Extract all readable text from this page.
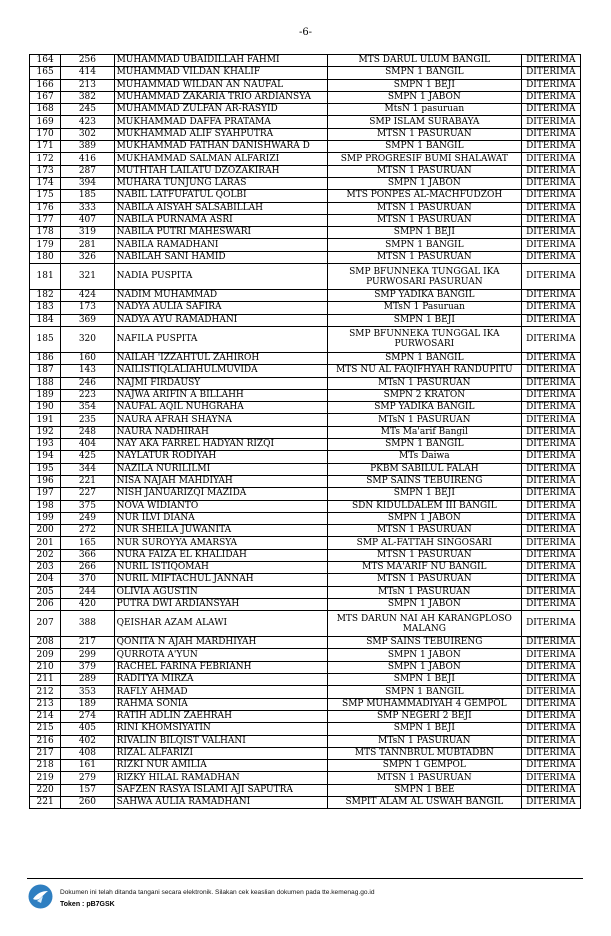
-6-
164	256	MUHAMMAD UBAIDILLAH FAHMI	MTS DARUL ULUM BANGIL	DITERIMA
165	414	MUHAMMAD VILDAN KHALIF	SMPN 1 BANGIL	DITERIMA
166	213	MUHAMMAD WILDAN AN NAUFAL	SMPN 1 BEJI	DITERIMA
167	382	MUHAMMAD ZAKARIA TRIO ARDIANSYA	SMPN 1 JABON	DITERIMA
168	245	MUHAMMAD ZULFAN AR-RASYID	MtsN 1 pasuruan	DITERIMA
169	423	MUKHAMMAD DAFFA PRATAMA	SMP ISLAM SURABAYA	DITERIMA
170	302	MUKHAMMAD ALIF SYAHPUTRA	MTSN 1 PASURUAN	DITERIMA
171	389	MUKHAMMAD FATHAN DANISHWARA D	SMPN 1 BANGIL	DITERIMA
172	416	MUKHAMMAD SALMAN ALFARIZI	SMP PROGRESIF BUMI SHALAWAT	DITERIMA
173	287	MUTHTAH LAILATU DZOZAKIRAH	MTSN 1 PASURUAN	DITERIMA
174	394	MUHARA TUNJUNG LARAS	SMPN 1 JABON	DITERIMA
175	185	NABIL LATFUFATUL QOLBI	MTS PONPES AL-MACHFUDZOH	DITERIMA
176	333	NABILA AISYAH SALSABILLAH	MTSN 1 PASURUAN	DITERIMA
177	407	NABILA PURNAMA ASRI	MTSN 1 PASURUAN	DITERIMA
178	319	NABILA PUTRI MAHESWARI	SMPN 1 BEJI	DITERIMA
179	281	NABILA RAMADHANI	SMPN 1 BANGIL	DITERIMA
180	326	NABILAH SANI HAMID	MTSN 1 PASURUAN	DITERIMA
181	321	NADIA PUSPITA	SMP BFUNNEKA TUNGGAL IKA PURWOSARI PASURUAN	DITERIMA
182	424	NADIM MUHAMMAD	SMP YADIKA BANGIL	DITERIMA
183	173	NADYA AULIA SAFIRA	MTsN 1 Pasuruan	DITERIMA
184	369	NADYA AYU RAMADHANI	SMPN 1 BEJI	DITERIMA
185	320	NAFILA PUSPITA	SMP BFUNNEKA TUNGGAL IKA PURWOSARI	DITERIMA
186	160	NAILAH 'IZZAHTUL ZAHIROH	SMPN 1 BANGIL	DITERIMA
187	143	NAILISTIQLALIAHULMUVIDA	MTS NU AL FAQIFHYAH RANDUPITU	DITERIMA
188	246	NAJMI FIRDAUSY	MTsN 1 PASURUAN	DITERIMA
189	223	NAJWA ARIFIN A BILLAHH	SMPN 2 KRATON	DITERIMA
190	354	NAUFAL AQIL NUHGRAHA	SMP YADIKA BANGIL	DITERIMA
191	235	NAURA AFRAH SHAYNA	MTsN 1 PASURUAN	DITERIMA
192	248	NAURA NADHIRAH	MTs Ma'arif Bangil	DITERIMA
193	404	NAY AKA FARREL HADYAN RIZQI	SMPN 1 BANGIL	DITERIMA
194	425	NAYLATUR RODIYAH	MTs Daiwa	DITERIMA
195	344	NAZILA NURILILMI	PKBM SABILUL FALAH	DITERIMA
196	221	NISA NAJAH MAHDIYAH	SMP SAINS TEBUIRENG	DITERIMA
197	227	NISH JANUARIZQI MAZIDA	SMPN 1 BEJI	DITERIMA
198	375	NOVA WIDIANTO	SDN KIDULDALEM III BANGIL	DITERIMA
199	249	NUR ILVI DIANA	SMPN 1 JABON	DITERIMA
200	272	NUR SHEILA JUWANITA	MTSN 1 PASURUAN	DITERIMA
201	165	NUR SUROYYA AMARSYA	SMP AL-FATTAH SINGOSARI	DITERIMA
202	366	NURA FAIZA EL KHALIDAH	MTSN 1 PASURUAN	DITERIMA
203	266	NURIL ISTIQOMAH	MTS MA'ARIF NU BANGIL	DITERIMA
204	370	NURIL MIFTACHUL JANNAH	MTSN 1 PASURUAN	DITERIMA
205	244	OLIVIA AGUSTIN	MTsN 1 PASURUAN	DITERIMA
206	420	PUTRA DWI ARDIANSYAH	SMPN 1 JABON	DITERIMA
207	388	QEISHAR AZAM ALAWI	MTS DARUN NAI AH KARANGPLOSO MALANG	DITERIMA
208	217	QONITA N AJAH MARDHIYAH	SMP SAINS TEBUIRENG	DITERIMA
209	299	QURROTA A'YUN	SMPN 1 JABON	DITERIMA
210	379	RACHEL FARINA FEBRIANH	SMPN 1 JABON	DITERIMA
211	289	RADITYA MIRZA	SMPN 1 BEJI	DITERIMA
212	353	RAFLY AHMAD	SMPN 1 BANGIL	DITERIMA
213	189	RAHMA SONIA	SMP MUHAMMADIYAH 4 GEMPOL	DITERIMA
214	274	RATIH ADLIN ZAEHRAH	SMP NEGERI 2 BEJI	DITERIMA
215	405	RINI KHOMSIYATIN	SMPN 1 BEJI	DITERIMA
216	402	RIVALIN BILQIST VALHANI	MTsN 1 PASURUAN	DITERIMA
217	408	RIZAL ALFARIZI	MTS TANNBRUL MUBTADBN	DITERIMA
218	161	RIZKI NUR AMILIA	SMPN 1 GEMPOL	DITERIMA
219	279	RIZKY HILAL RAMADHAN	MTSN 1 PASURUAN	DITERIMA
220	157	SAFZEN RASYA ISLAMI AJI SAPUTRA	SMPN 1 BEE	DITERIMA
221	260	SAHWA AULIA RAMADHANI	SMPIT ALAM AL USWAH BANGIL	DITERIMA
Dokumen ini telah ditanda tangani secara elektronik. Silakan cek keaslian dokumen pada tte.kemenag.go.id
Token : pB7GSK
